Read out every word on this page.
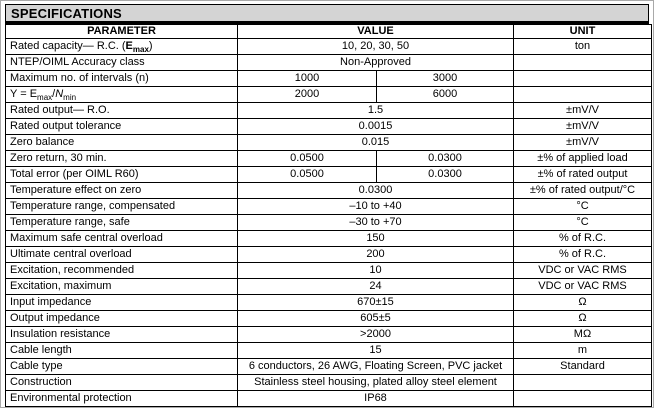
SPECIFICATIONS
PARAMETER	VALUE		UNIT
Rated capacity— R.C. $(E_{max})$	10, 20, 30, 50		ton
NTEP/OIML Accuracy class	Non-Approved		
Maximum no. of intervals (n)	1000	3000	
$Y = E_{max}/N_{min}$	2000	6000	
Rated output— R.O.	1.5		±mV/V
Rated output tolerance	0.0015		±mV/V
Zero balance	0.015		±mV/V
Zero return, 30 min.	0.0500	0.0300	±% of applied load
Total error (per OIML R60)	0.0500	0.0300	±% of rated output
Temperature effect on zero	0.0300		±% of rated output/°C
Temperature range, compensated	–10 to +40		°C
Temperature range, safe	–30 to +70		°C
Maximum safe central overload	150		% of R.C.
Ultimate central overload	200		% of R.C.
Excitation, recommended	10		VDC or VAC RMS
Excitation, maximum	24		VDC or VAC RMS
Input impedance	670±15		Ω
Output impedance	605±5		Ω
Insulation resistance	>2000		MΩ
Cable length	15		m
Cable type	6 conductors, 26 AWG, Floating Screen, PVC jacket		Standard
Construction	Stainless steel housing, plated alloy steel element		
Environmental protection	IP68		
